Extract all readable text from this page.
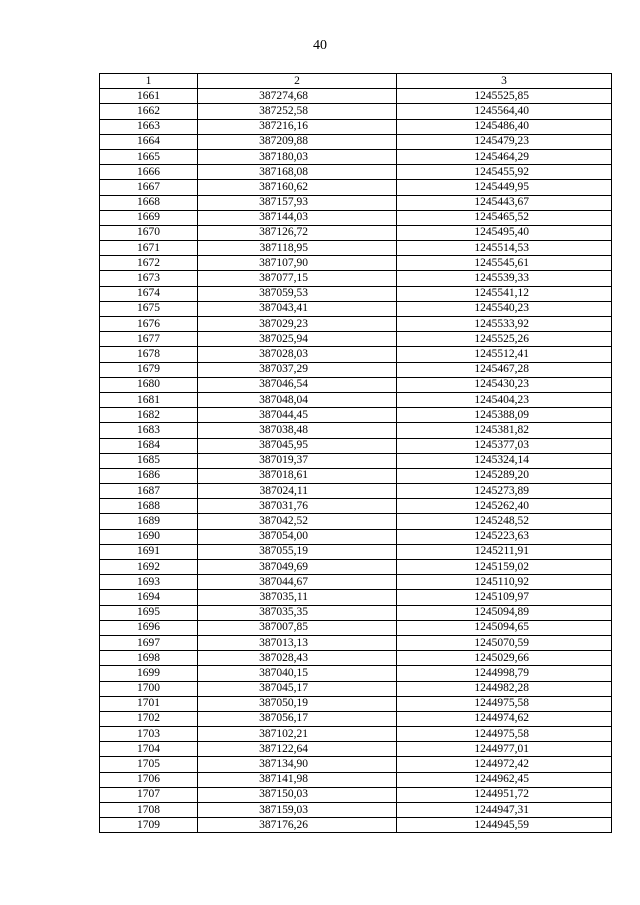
40
1	2	3
1661	387274,68	1245525,85
1662	387252,58	1245564,40
1663	387216,16	1245486,40
1664	387209,88	1245479,23
1665	387180,03	1245464,29
1666	387168,08	1245455,92
1667	387160,62	1245449,95
1668	387157,93	1245443,67
1669	387144,03	1245465,52
1670	387126,72	1245495,40
1671	387118,95	1245514,53
1672	387107,90	1245545,61
1673	387077,15	1245539,33
1674	387059,53	1245541,12
1675	387043,41	1245540,23
1676	387029,23	1245533,92
1677	387025,94	1245525,26
1678	387028,03	1245512,41
1679	387037,29	1245467,28
1680	387046,54	1245430,23
1681	387048,04	1245404,23
1682	387044,45	1245388,09
1683	387038,48	1245381,82
1684	387045,95	1245377,03
1685	387019,37	1245324,14
1686	387018,61	1245289,20
1687	387024,11	1245273,89
1688	387031,76	1245262,40
1689	387042,52	1245248,52
1690	387054,00	1245223,63
1691	387055,19	1245211,91
1692	387049,69	1245159,02
1693	387044,67	1245110,92
1694	387035,11	1245109,97
1695	387035,35	1245094,89
1696	387007,85	1245094,65
1697	387013,13	1245070,59
1698	387028,43	1245029,66
1699	387040,15	1244998,79
1700	387045,17	1244982,28
1701	387050,19	1244975,58
1702	387056,17	1244974,62
1703	387102,21	1244975,58
1704	387122,64	1244977,01
1705	387134,90	1244972,42
1706	387141,98	1244962,45
1707	387150,03	1244951,72
1708	387159,03	1244947,31
1709	387176,26	1244945,59
